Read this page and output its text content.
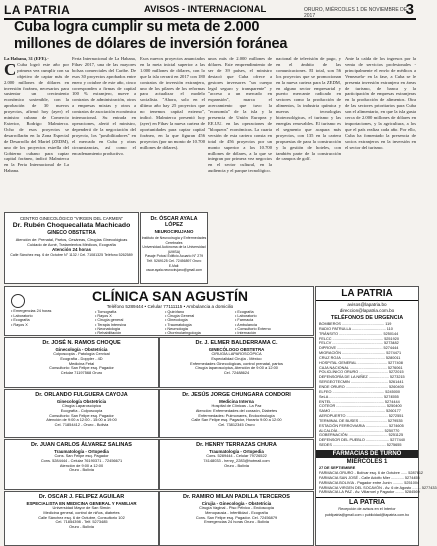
LA PATRIA	AVISOS - INTERNACIONAL	ORURO, MIÉRCOLES 1 DE NOVIEMBRE DE 2017	3
Cuba logra cumplir su meta de 2.000
millones de dólares de inversión foránea
La Habana, 31 (EFE).-
C Cuba logró este año por primera vez cumplir con su objetivo de captar más de 2.000 millones de dólares en inversión foránea, necesarios para sustentar un crecimiento económico sostenible, con la aprobación de 30 nuevos proyectos, afirmó hoy (ayer) el ministro cubano de Comercio Exterior, Rodrigo Malmierca. Ocho de esos proyectos se desarrollarán en la Zona Especial de Desarrollo del Mariel (ZEDM), uno de los proyectos estrella del Gobierno cubano para captar capital foráneo, indicó Malmierca en la Feria Internacional de La Habana.
Feria Internacional de La Habana, Fihav 2017, una de las mayores bolsas comerciales del Caribe. De esos 30 proyectos aprobados entre enero y octubre de este año, cinco corresponden a firmas de capital 100 % extranjero, nueve a contratos de administración, otros a empresas mixtas y otros a contratos de asociación económica internacional. Su entrada en operaciones, alertó el ministro, dependerá de la negociación del proyecto, los "posibilitadores" en el mercado en Cuba y otras circunstancias, así como el encadenamiento productivo.
Esos nuevos proyectos anunciados en la meta inicial superior a las 1.000 millones de dólares, con lo que la isla cerrará en 2017 con 180 contratos de inversión extranjera, uno de los pilares de los reformas para actualizar el modelo socialista. "Ahora, solo en el último año hay 25 proyectos que no tenemos capital externo", indicó. Malmierca presentó hoy (ayer) en Fihav la nueva cartera de oportunidades para captar capital foráneo, en la que figuran 456 proyectos (por un monto de 10.700 millones de dólares).
unos más de 2.000 millones de dólares. Este emprendimiento de ser de 39 países, el ministro destacó que Cuba ofrece a gestores inversores "un cuerpo legal seguro y transparente" y "acceso a un mercado en expansión", marca el acercamiento que tuvo la "economía" de la isla y la presencia de Unión Europea y EE.UU. en las operaciones de "bloqueos" económicas. La cuarta versión de esta cartera consta en total de 456 proyectos por un monto superior a los 10.700 millones de dólares, a la que se integran por primera vez negocios en el sector cultural, en la audiencia y el parque tecnológico.
nacional de televisión de pago, y en el ámbito de las comunicaciones. El total, son 56 los proyectos que se promocionan en la nueva cartera para la ZEDM, en alguno sector empresarial y puerto mercante radicado en sectores como la producción de alimentos, la industria química y nuevas tecnologías biotecnológicas, el turismo y las energías renovables. El turismo es el segmento que acapara más proyectos, con 135 en la cartera propuestas de para la construcción y la gestión de hoteles, con también parte de la construcción de campos de golf.
Ante la caída de los ingresos por la venta de servicios profesionales -principalmente el envío de médicos a Venezuela- en la fase, a Cuba se le presenta inversión extranjera en áreas de turismo, de banca y la participación de empresas extranjeras en la producción de alimentos. Otra de las sectores prioritarios para Cuba son el alimentario, en que la isla gasta cerca de 2.000 millones de dólares en importaciones, y la agricultura, a los que el país realiza cada año. Por ello, Cuba ha fomentado la presencia de socios extranjeros en la inversión en el sector del turismo.
CENTRO GINECOLÓGICO "VIRGEN DEL CARMEN"
Dr. Rubén Choquecallata Machicado
GINECO OBSTETRA
Atención de: Prenatal, Partos, Cesáreas, Cirugías Ginecológicas
Cuidado de Acné, Tratamientos Médicos, Ecografía
Atención 24 horas
Calle Sánchez esq. 6 de Octubre N° 1132 / Cel. 71081325 Teléfono 5262589
Dr. ÓSCAR AYALA LÓPEZ
NEUROCIRUJANO
Instituto de Neurocirugía y Enfermedades Cerebrales
Universidad Autónoma de la Universidad (UMSA)
Pasaje Potosí Edificio Acuario N° 279
Telf. 5269125 Cel. 72456897 Oruro
E-Mail: oscar.ayala.neurocirujano@gmail.com
CLÍNICA SAN AGUSTÍN
Teléfono 5289444 • Celular 77111115 • Ambulancia a domicilio
• Emergencias 24 horas
• Laboratorio
• Ecografía
• Rayos X
• Tomografía
• Rayos X
• Cirugía general
• Terapia Intensiva
• Neonatología
• Rehabilitación
• Quirófano
• Cirugía General
• Ginecología
• Traumatología
• Neumología
• Otorrinolaringología
• Ecografía
• Laboratorio
• Farmacia
• Ambulancia
• Consultorio Externo
• Internación
Dr. JOSÉ N. RAMOS CHOQUE
Ginecología - Obstetricia
Colposcopia - Patología Cervical
Ecografía - Doppler - 4D
Medicina Fetal
Consultorio: San Felipe esq. Pagador
Celular 71197568 Oruro
Dr. J. ELMER BALDERRAMA C.
GINECÓLOGO OBSTETRA
CIRUGÍA LAPAROSCÓPICA
Especialidad Cirujía - México
Enfermedades Ginecológicas, control prenatal, partos
Cirugía laparoscópica, Atención de 9:00 a 12:00
Cel. 72488624
Dr. ORLANDO FULGUERA CAYOJA
Ginecología Obstetricia
Cirugía Laparoscópica
Ecografía - Colposcopia
Consultorio: San Felipe esq. Pagador
Atención de 9:00 a 12:00 - 15:00 a 19:00
Cel. 71854412 - Oruro - Bolivia
Dr. JESÚS JORGE CHUNGARA CONDORI
Medicina Interna
Hospital de Clínicas - La Paz
Atención: Enfermedades del corazón, Diabetes
Enfermedades: Pulmonares, Endocrinología
Calle San Felipe esq. Pagador, Horario 9:00 a 12:00
Cel. 73812345 Oruro
Dr. JUAN CARLOS ÁLVAREZ SALINAS
Traumatología - Ortopedia
Cons. San Felipe esq. Pagador
Cons. 5284444 - Celular 76190371 - 72456671
Atención de 9:00 a 12:00
Oruro - Bolivia
Dr. HENRY TERRAZAS CHURA
Traumatología - Ortopedia
Cons. 5289444 - Celular 79726522
74148033 - henry_2283@hotmail.com
Oruro - Bolivia
Dr. OSCAR J. FELIPEZ AGUILAR
ESPECIALISTA EN MEDICINA GENERAL Y FAMILIAR
Universidad Mayor de San Simón
Medicina general, control de niños, diabetes
Calle Sánchez esq. 6 de Octubre, Consultorio 102
Cel. 71854398 - Telf. 5273485
Oruro - Bolivia
Dr. RAMIRO MILAN PADILLA TERCEROS
Cirujía - Ginecología - Obstetricia
Cirugía Vaginal - Piso Pélvico - Endoscopia
Menopausia - Infertilidad - Ecografía
Cons. San Felipe esq. Pagador. Cel. 72456879
Emergencias 24 horas Oruro - Bolivia
LA PATRIA
avisos@lapatria.bo
direccion@lapatria.com.bo
TELÉFONOS DE URGENCIA
BOMBEROS ........................................ 119
RADIO PATRULLA ................................ 110
TRÁNSITO ......................................... 5250144
FELCC ................................................ 5251920
FELCV ................................................ 5273482
DIPROVE ........................................... 5274444
MIGRACIÓN ......................................... 5274471
CRUZ ROJA ......................................... 5280011
HOSPITAL GENERAL ............................ 5277408
CAJA NACIONAL ................................... 5276061
POLICLÍNICO ORURO ........................... 5272015
DEFENSORÍA DE LA NIÑEZ ................... 5273215
SERGEOTECMIN ................................... 5261441
ENDE ORURO ........................................ 5260400
ELFEO ................................................. 5245000
SeLA ................................................... 5274555
ENTEL ................................................. 5274444
COTEOR ............................................... 5250400
SAMO ................................................... 5260177
AEROPUERTO ....................................... 5272551
TERMINAL DE BUSES .......................... 5279535
ESTACIÓN FERROVIARIA ..................... 5274605
ALCALDÍA ........................................... 5250770
GOBERNACIÓN ..................................... 5251125
DEFENSOR DEL PUEBLO ...................... 5277440
SEDES .................................................. 5275655
FARMACIAS DE TURNO
MIÉRCOLES 1
27 DE SEPTIEMBRE
FARMACIA ORURO - Bolívar esq. 6 de Octubre ...... 5287612
FARMACIA SAN JOSÉ - Calle Adolfo Mier ............ 5274455
FARMACIA BOLIVIA - Pagador entre Junín .......... 5251004
FARMACIA VIRGEN DEL SOCAVÓN - Av. 6 de Agosto ........ 5277433
FARMACIA LA PAZ - Av. Villarroel y Pagador ........ 5284569
LA PATRIA
Recepción de avisos en el Interior
publipatria@gmail.com • publicidad@lapatria.com.bo
